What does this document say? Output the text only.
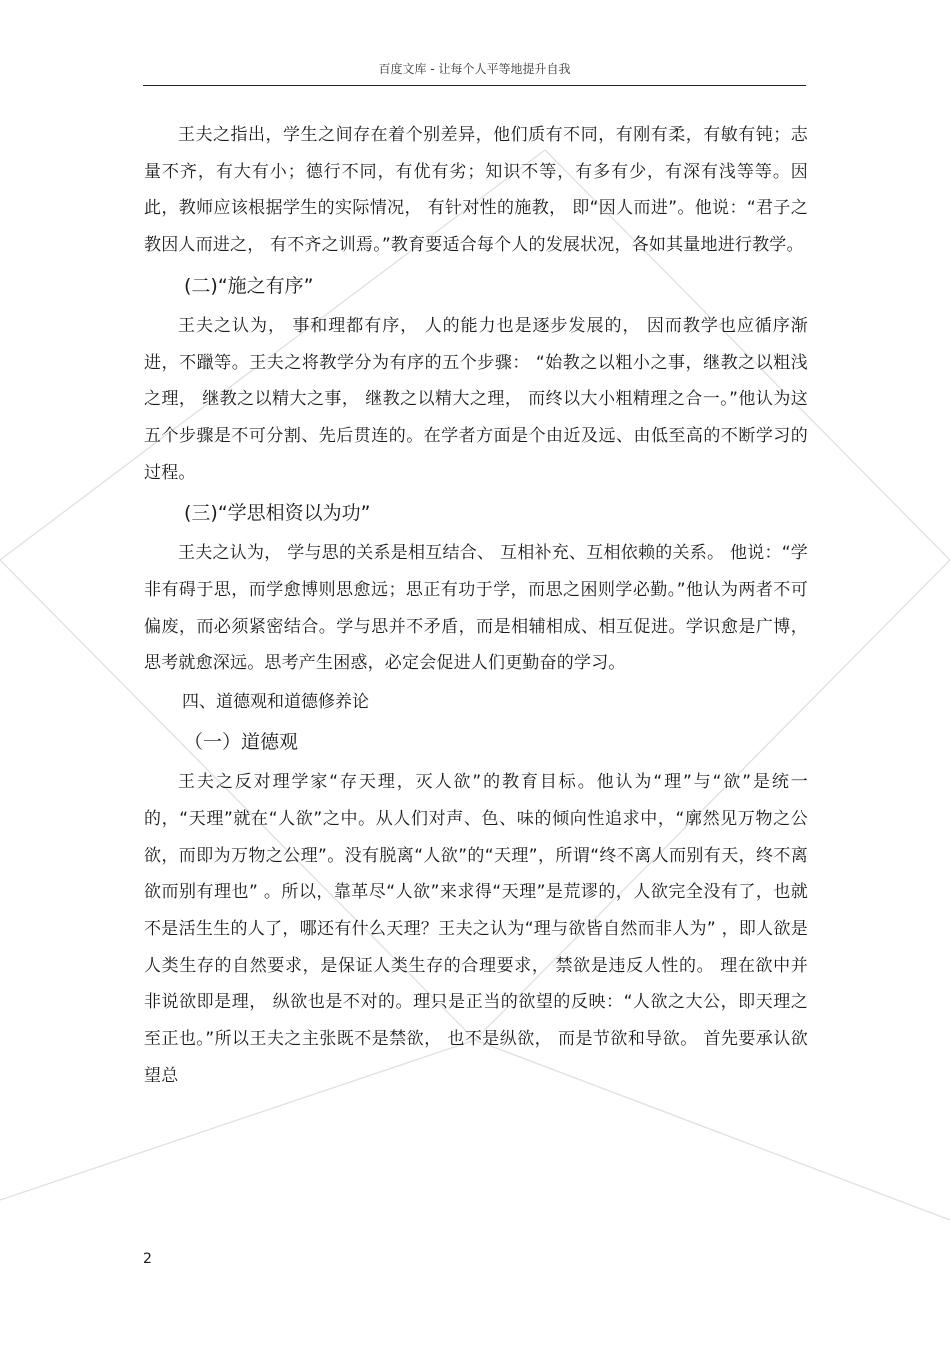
百度文库 - 让每个人平等地提升自我

王夫之指出，学生之间存在着个别差异，他们质有不同，有刚有柔，有敏有钝；志量不齐，有大有小；德行不同，有优有劣；知识不等，有多有少，有深有浅等等。因此，教师应该根据学生的实际情况， 有针对性的施教， 即“因人而进”。他说：“君子之教因人而进之， 有不齐之训焉。”教育要适合每个人的发展状况，各如其量地进行教学。

(二)“施之有序”

王夫之认为， 事和理都有序， 人的能力也是逐步发展的， 因而教学也应循序渐进，不躐等。王夫之将教学分为有序的五个步骤： “始教之以粗小之事，继教之以粗浅之理， 继教之以精大之事， 继教之以精大之理， 而终以大小粗精理之合一。”他认为这五个步骤是不可分割、先后贯连的。在学者方面是个由近及远、由低至高的不断学习的过程。

(三)“学思相资以为功”

王夫之认为， 学与思的关系是相互结合、 互相补充、互相依赖的关系。 他说：“学非有碍于思，而学愈博则思愈远；思正有功于学，而思之困则学必勤。”他认为两者不可偏废，而必须紧密结合。学与思并不矛盾，而是相辅相成、相互促进。学识愈是广博，思考就愈深远。思考产生困惑，必定会促进人们更勤奋的学习。

四、道德观和道德修养论
（一）道德观

王夫之反对理学家“存天理，灭人欲”的教育目标。他认为“理”与“欲”是统一的，“天理”就在“人欲”之中。从人们对声、色、味的倾向性追求中，“廓然见万物之公欲，而即为万物之公理”。没有脱离“人欲”的“天理”，所谓“终不离人而别有天，终不离欲而别有理也” 。所以，靠革尽“人欲”来求得“天理”是荒谬的，人欲完全没有了，也就不是活生生的人了，哪还有什么天理？王夫之认为“理与欲皆自然而非人为” ，即人欲是人类生存的自然要求，是保证人类生存的合理要求， 禁欲是违反人性的。 理在欲中并非说欲即是理， 纵欲也是不对的。理只是正当的欲望的反映：“人欲之大公，即天理之至正也。”所以王夫之主张既不是禁欲， 也不是纵欲， 而是节欲和导欲。 首先要承认欲望总

2
